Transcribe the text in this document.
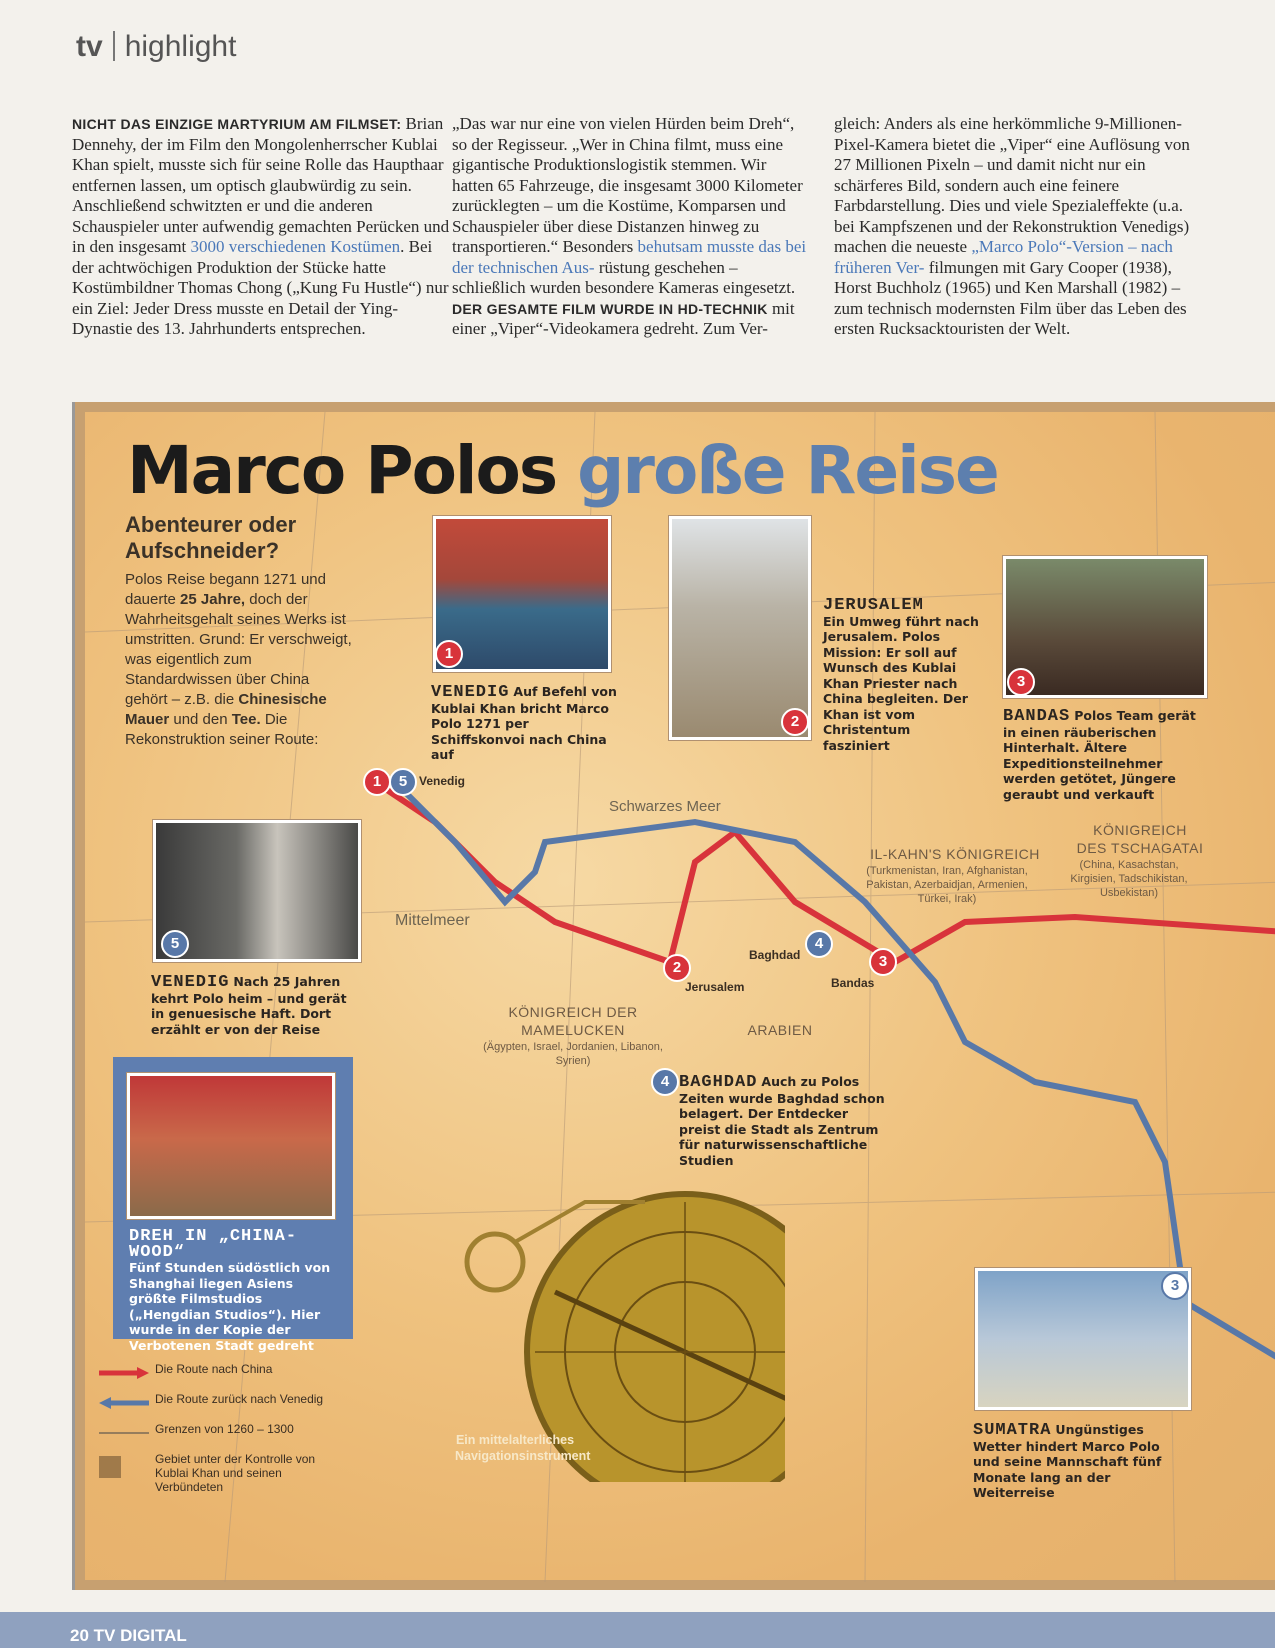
tv highlight
NICHT DAS EINZIGE MARTYRIUM AM FILMSET: Brian Dennehy, der im Film den Mongolenherrscher Kublai Khan spielt, musste sich für seine Rolle das Haupthaar entfernen lassen, um optisch glaubwürdig zu sein. Anschließend schwitzten er und die anderen Schauspieler unter aufwendig gemachten Perücken und in den insgesamt 3000 verschiedenen Kostümen. Bei der achtwöchigen Produktion der Stücke hatte Kostümbildner Thomas Chong („Kung Fu Hustle“) nur ein Ziel: Jeder Dress musste en Detail der Ying-Dynastie des 13. Jahrhunderts entsprechen.
„Das war nur eine von vielen Hürden beim Dreh“, so der Regisseur. „Wer in China filmt, muss eine gigantische Produktionslogistik stemmen. Wir hatten 65 Fahrzeuge, die insgesamt 3000 Kilometer zurücklegten – um die Kostüme, Komparsen und Schauspieler über diese Distanzen hinweg zu transportieren.“ Besonders behutsam musste das bei der technischen Aus- rüstung geschehen – schließlich wurden besondere Kameras eingesetzt.
DER GESAMTE FILM WURDE IN HD-TECHNIK mit einer „Viper“-Videokamera gedreht. Zum Ver-
gleich: Anders als eine herkömmliche 9-Millionen-Pixel-Kamera bietet die „Viper“ eine Auflösung von 27 Millionen Pixeln – und damit nicht nur ein schärferes Bild, sondern auch eine feinere Farbdarstellung. Dies und viele Spezialeffekte (u.a. bei Kampfszenen und der Rekonstruktion Venedigs) machen die neueste „Marco Polo“-Version – nach früheren Ver- filmungen mit Gary Cooper (1938), Horst Buchholz (1965) und Ken Marshall (1982) – zum technisch modernsten Film über das Leben des ersten Rucksacktouristen der Welt.
Marco Polos große Reise
Abenteurer oder Aufschneider?

Polos Reise begann 1271 und dauerte 25 Jahre, doch der Wahrheitsgehalt seines Werks ist umstritten. Grund: Er verschweigt, was eigentlich zum Standardwissen über China gehört – z.B. die Chinesische Mauer und den Tee. Die Rekonstruktion seiner Route:

1
VENEDIG Auf Befehl von Kublai Khan bricht Marco Polo 1271 per Schiffskonvoi nach China auf
2
JERUSALEM
Ein Umweg führt nach Jerusalem. Polos Mission: Er soll auf Wunsch des Kublai Khan Priester nach China begleiten. Der Khan ist vom Christentum fasziniert
3
BANDAS Polos Team gerät in einen räuberischen Hinterhalt. Ältere Expeditionsteilnehmer werden getötet, Jüngere geraubt und verkauft
1	5 Venedig
5
VENEDIG Nach 25 Jahren kehrt Polo heim – und gerät in genuesische Haft. Dort erzählt er von der Reise
Schwarzes Meer
Mittelmeer
2
Jerusalem
4
Baghdad	3
Bandas
IL-KAHN'S KÖNIGREICH
(Turkmenistan, Iran, Afghanistan, Pakistan, Azerbaidjan, Armenien, Türkei, Irak)
KÖNIGREICH
DES TSCHAGATAI
(China, Kasachstan, Kirgisien, Tadschikistan, Usbekistan)
KÖNIGREICH DER
MAMELUCKEN
(Ägypten, Israel, Jordanien, Libanon, Syrien)
ARABIEN
4 BAGHDAD Auch zu Polos Zeiten wurde Baghdad schon belagert. Der Entdecker preist die Stadt als Zentrum für naturwissenschaftliche Studien
DREH IN „CHINA-WOOD“
Fünf Stunden südöstlich von Shanghai liegen Asiens größte Filmstudios („Hengdian Studios“). Hier wurde in der Kopie der Verbotenen Stadt gedreht
Ein mittelalterliches Navigationsinstrument
3
SUMATRA Ungünstiges Wetter hindert Marco Polo und seine Mannschaft fünf Monate lang an der Weiterreise
Die Route nach China
Die Route zurück nach Venedig
Grenzen von 1260 – 1300
Gebiet unter der Kontrolle von Kublai Khan und seinen Verbündeten
20 TV DIGITAL
